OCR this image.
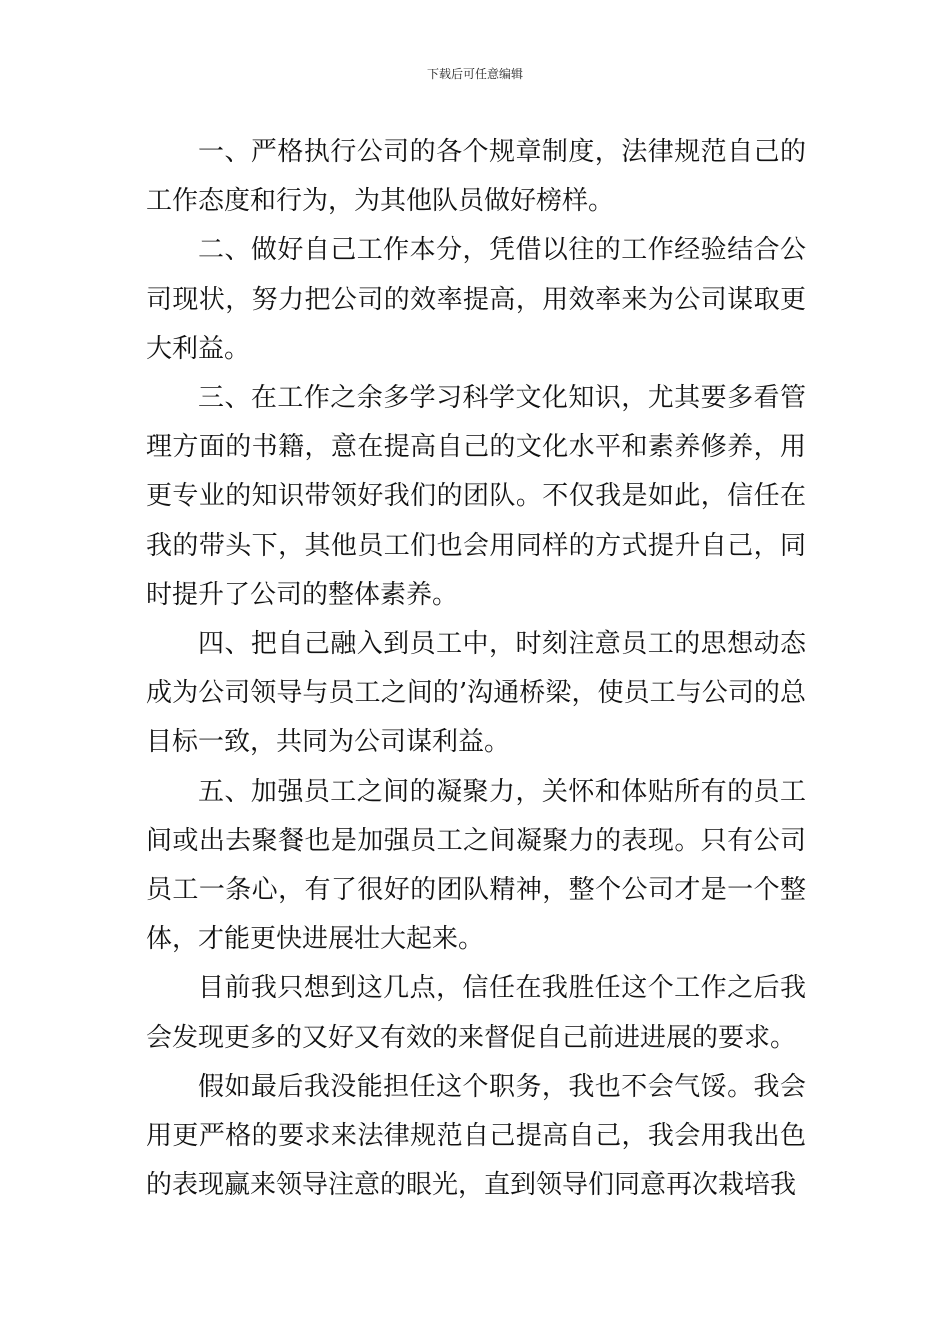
下载后可任意编辑

一、严格执行公司的各个规章制度，法律规范自己的工作态度和行为，为其他队员做好榜样。

二、做好自己工作本分，凭借以往的工作经验结合公司现状，努力把公司的效率提高，用效率来为公司谋取更大利益。

三、在工作之余多学习科学文化知识，尤其要多看管理方面的书籍，意在提高自己的文化水平和素养修养，用更专业的知识带领好我们的团队。不仅我是如此，信任在我的带头下，其他员工们也会用同样的方式提升自己，同时提升了公司的整体素养。

四、把自己融入到员工中，时刻注意员工的思想动态成为公司领导与员工之间的’沟通桥梁，使员工与公司的总目标一致，共同为公司谋利益。

五、加强员工之间的凝聚力，关怀和体贴所有的员工间或出去聚餐也是加强员工之间凝聚力的表现。只有公司员工一条心，有了很好的团队精神，整个公司才是一个整体，才能更快进展壮大起来。

目前我只想到这几点，信任在我胜任这个工作之后我会发现更多的又好又有效的来督促自己前进进展的要求。

假如最后我没能担任这个职务，我也不会气馁。我会用更严格的要求来法律规范自己提高自己，我会用我出色的表现赢来领导注意的眼光，直到领导们同意再次栽培我
